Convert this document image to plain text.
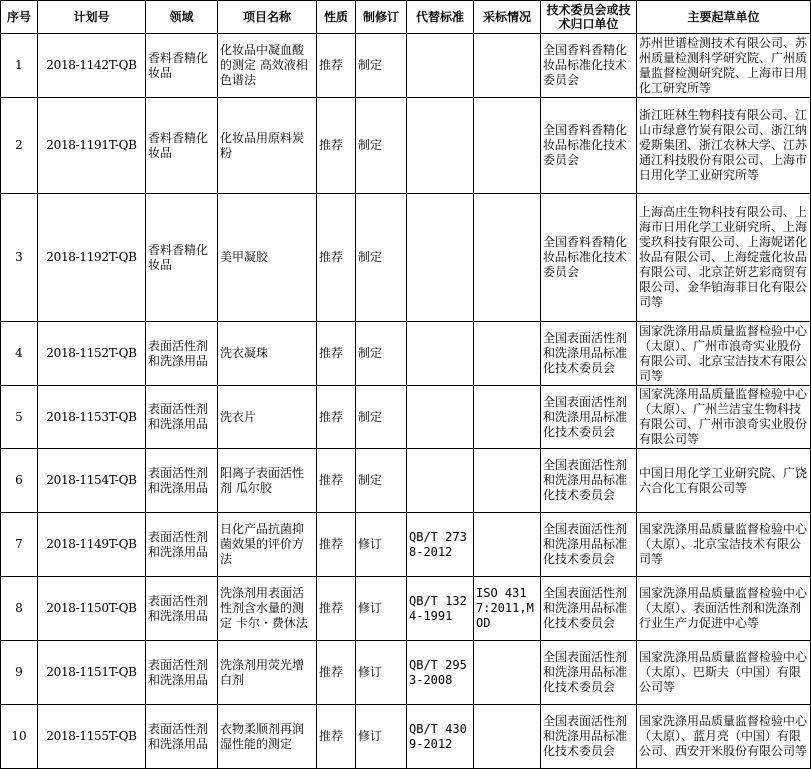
序号	计划号	领域	项目名称	性质	制修订	代替标准	采标情况	技术委员会或技术归口单位	主要起草单位

1	2018-1142T-QB	香料香精化妆品	化妆品中凝血酸的测定 高效液相色谱法	推荐	制定			全国香料香精化妆品标准化技术委员会	苏州世谱检测技术有限公司、苏州质量检测科学研究院、广州质量监督检测研究院、上海市日用化工研究所等

2	2018-1191T-QB	香料香精化妆品	化妆品用原料炭粉	推荐	制定			全国香料香精化妆品标准化技术委员会	浙江旺林生物科技有限公司、江山市绿意竹炭有限公司、浙江纳爱斯集团、浙江农林大学、江苏通江科技股份有限公司、上海市日用化学工业研究所等

3	2018-1192T-QB	香料香精化妆品	美甲凝胶	推荐	制定			全国香料香精化妆品标准化技术委员会	上海高庄生物科技有限公司、上海市日用化学工业研究所、上海雯玖科技有限公司、上海妮诺化妆品有限公司、上海绽蔻化妆品有限公司、北京芷妍艺彩商贸有限公司、金华铂海菲日化有限公司等

4	2018-1152T-QB	表面活性剂和洗涤用品	洗衣凝珠	推荐	制定			全国表面活性剂和洗涤用品标准化技术委员会	国家洗涤用品质量监督检验中心（太原）、广州市浪奇实业股份有限公司、北京宝洁技术有限公司等

5	2018-1153T-QB	表面活性剂和洗涤用品	洗衣片	推荐	制定			全国表面活性剂和洗涤用品标准化技术委员会	国家洗涤用品质量监督检验中心（太原）、广州兰洁宝生物科技有限公司、广州市浪奇实业股份有限公司等

6	2018-1154T-QB	表面活性剂和洗涤用品	阳离子表面活性剂 瓜尔胶	推荐	制定			全国表面活性剂和洗涤用品标准化技术委员会	中国日用化学工业研究院、广饶六合化工有限公司等

7	2018-1149T-QB	表面活性剂和洗涤用品	日化产品抗菌抑菌效果的评价方法	推荐	修订	QB/T 2738-2012		全国表面活性剂和洗涤用品标准化技术委员会	国家洗涤用品质量监督检验中心（太原）、北京宝洁技术有限公司等

8	2018-1150T-QB	表面活性剂和洗涤用品	洗涤剂用表面活性剂含水量的测定 卡尔・费休法	推荐	修订	QB/T 1324-1991	ISO 4317:2011,MOD	全国表面活性剂和洗涤用品标准化技术委员会	国家洗涤用品质量监督检验中心（太原）、表面活性剂和洗涤剂行业生产力促进中心等

9	2018-1151T-QB	表面活性剂和洗涤用品	洗涤剂用荧光增白剂	推荐	修订	QB/T 2953-2008		全国表面活性剂和洗涤用品标准化技术委员会	国家洗涤用品质量监督检验中心（太原）、巴斯夫（中国）有限公司等

10	2018-1155T-QB	表面活性剂和洗涤用品	衣物柔顺剂再润湿性能的测定	推荐	修订	QB/T 4309-2012		全国表面活性剂和洗涤用品标准化技术委员会	国家洗涤用品质量监督检验中心（太原）、蓝月亮（中国）有限公司、西安开米股份有限公司等
